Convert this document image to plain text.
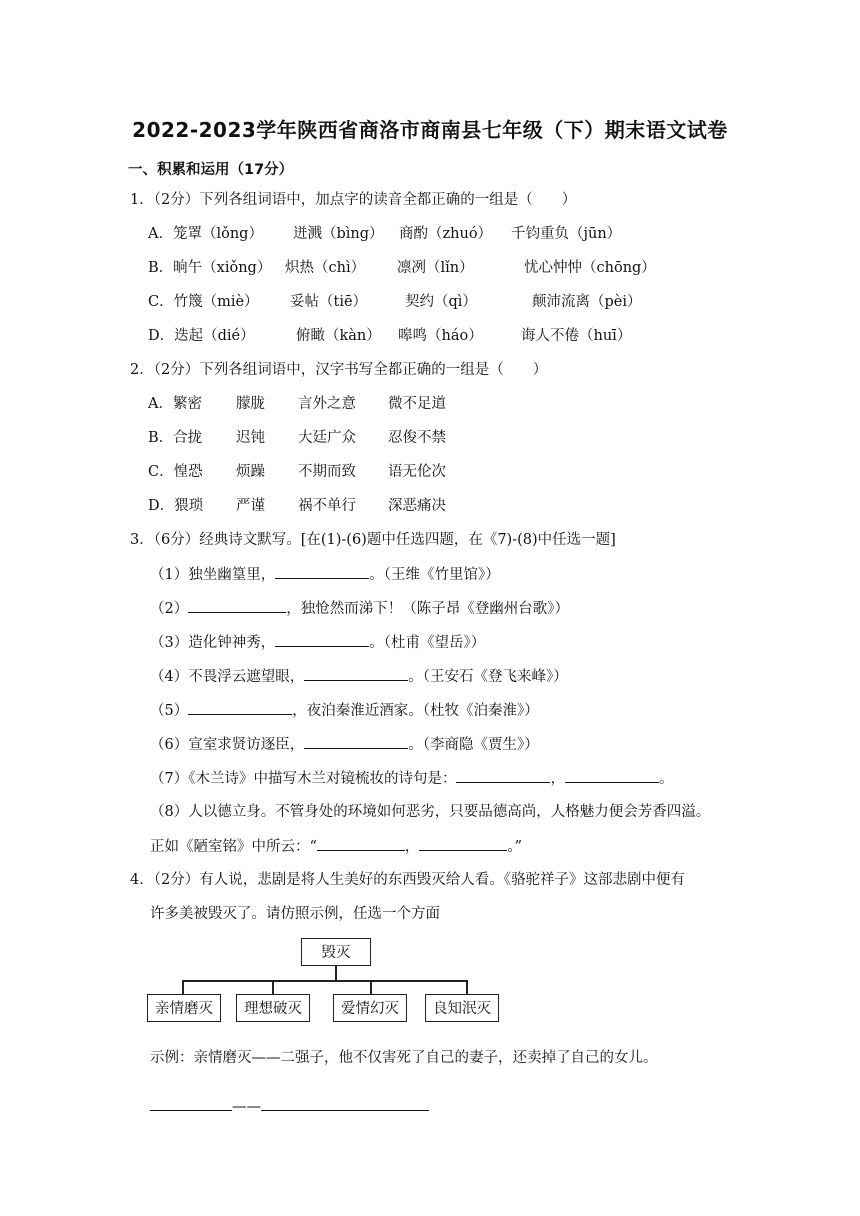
2022-2023学年陕西省商洛市商南县七年级（下）期末语文试卷
一、积累和运用（17分）
1．（2分）下列各组词语中，加点字的读音全都正确的一组是（　　）
A．笼罩（lǒng） 迸溅（bìng） 商酌（zhuó） 千钧重负（jūn）
B．晌午（xiǒng） 炽热（chì） 凛冽（lǐn）	忧心忡忡（chōng）
C．竹篾（miè） 妥帖（tiē）	契约（qì）	颠沛流离（pèi）
D．迭起（dié）	俯瞰（kàn） 嗥鸣（háo）	诲人不倦（huī）
2．（2分）下列各组词语中，汉字书写全都正确的一组是（　　）
A．繁密 朦胧 言外之意 微不足道
B．合拢 迟钝 大廷广众 忍俊不禁
C．惶恐 烦躁 不期而致 语无伦次
D．猥琐 严谨 祸不单行 深恶痛决
3．（6分）经典诗文默写。[在(1)-(6)题中任选四题，在《7)-(8)中任选一题]
（1）独坐幽篁里，	。（王维《竹里馆》）
（2）	，独怆然而涕下！（陈子昂《登幽州台歌》）
（3）造化钟神秀，	。（杜甫《望岳》）
（4）不畏浮云遮望眼，	。（王安石《登飞来峰》）
（5）	，夜泊秦淮近酒家。（杜牧《泊秦淮》）
（6）宣室求贤访逐臣，	。（李商隐《贾生》）
（7）《木兰诗》中描写木兰对镜梳妆的诗句是：	，	。
（8）人以德立身。不管身处的环境如何恶劣，只要品德高尚，人格魅力便会芳香四溢。
正如《陋室铭》中所云：“	，	。”
4．（2分）有人说，悲剧是将人生美好的东西毁灭给人看。《骆驼祥子》这部悲剧中便有
许多美被毁灭了。请仿照示例，任选一个方面
毁灭
亲情磨灭	理想破灭	爱情幻灭	良知泯灭
示例：亲情磨灭——二强子，他不仅害死了自己的妻子，还卖掉了自己的女儿。
——
